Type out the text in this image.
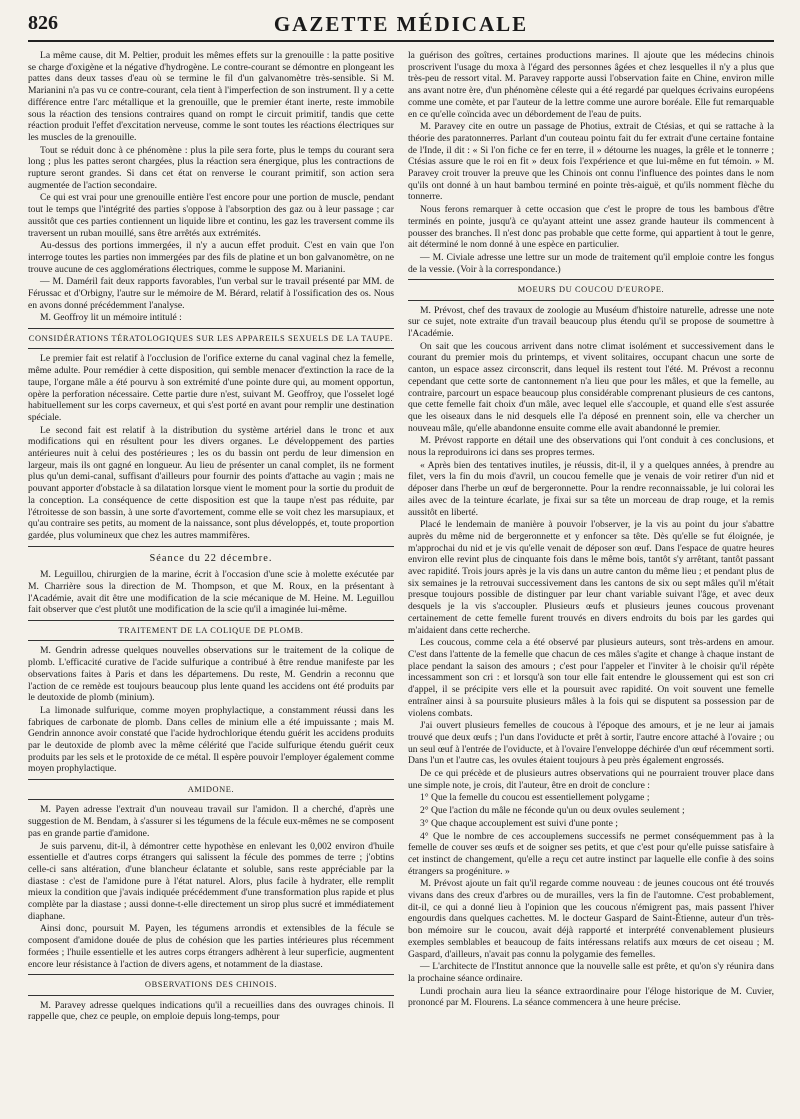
826	GAZETTE MÉDICALE

La même cause, dit M. Peltier, produit les mêmes effets sur la grenouille : la patte positive se charge d'oxigène et la négative d'hydrogène. Le contre-courant se démontre en plongeant les pattes dans deux tasses d'eau où se termine le fil d'un galvanomètre très-sensible. Si M. Marianini n'a pas vu ce contre-courant, cela tient à l'imperfection de son instrument. Il y a cette différence entre l'arc métallique et la grenouille, que le premier étant inerte, reste immobile sous la réaction des tensions contraires quand on rompt le circuit primitif, tandis que cette réaction produit l'effet d'excitation nerveuse, comme le sont toutes les réactions électriques sur les muscles de la grenouille.

Tout se réduit donc à ce phénomène : plus la pile sera forte, plus le temps du courant sera long ; plus les pattes seront chargées, plus la réaction sera énergique, plus les contractions de rupture seront grandes. Si dans cet état on renverse le courant primitif, son action sera augmentée de l'action secondaire.

Ce qui est vrai pour une grenouille entière l'est encore pour une portion de muscle, pendant tout le temps que l'intégrité des parties s'oppose à l'absorption des gaz ou à leur passage ; car aussitôt que ces parties contiennent un liquide libre et continu, les gaz les traversent comme ils traversent un ruban mouillé, sans être arrêtés aux extrémités.

Au-dessus des portions immergées, il n'y a aucun effet produit. C'est en vain que l'on interroge toutes les parties non immergées par des fils de platine et un bon galvanomètre, on ne trouve aucune de ces agglomérations électriques, comme le suppose M. Marianini.

— M. Daméril fait deux rapports favorables, l'un verbal sur le travail présenté par MM. de Férussac et d'Orbigny, l'autre sur le mémoire de M. Bérard, relatif à l'ossification des os. Nous en avons donné précédemment l'analyse.

M. Geoffroy lit un mémoire intitulé :

CONSIDÉRATIONS TÉRATOLOGIQUES SUR LES APPAREILS SEXUELS DE LA TAUPE.

Le premier fait est relatif à l'occlusion de l'orifice externe du canal vaginal chez la femelle, même adulte. Pour remédier à cette disposition, qui semble menacer d'extinction la race de la taupe, l'organe mâle a été pourvu à son extrémité d'une pointe dure qui, au moment opportun, opère la perforation nécessaire. Cette partie dure n'est, suivant M. Geoffroy, que l'osselet logé habituellement sur les corps caverneux, et qui s'est porté en avant pour remplir une destination spéciale.

Le second fait est relatif à la distribution du système artériel dans le tronc et aux modifications qui en résultent pour les divers organes. Le développement des parties antérieures nuit à celui des postérieures ; les os du bassin ont perdu de leur dimension en largeur, mais ils ont gagné en longueur. Au lieu de présenter un canal complet, ils ne forment plus qu'un demi-canal, suffisant d'ailleurs pour fournir des points d'attache au vagin ; mais ne pouvant apporter d'obstacle à sa dilatation lorsque vient le moment pour la sortie du produit de la conception. La conséquence de cette disposition est que la taupe n'est pas réduite, par l'étroitesse de son bassin, à une sorte d'avortement, comme elle se voit chez les marsupiaux, et qu'au contraire ses petits, au moment de la naissance, sont plus développés, et, toute proportion gardée, plus volumineux que chez les autres mammifères.

Séance du 22 décembre.

M. Leguillou, chirurgien de la marine, écrit à l'occasion d'une scie à molette exécutée par M. Charrière sous la direction de M. Thompson, et que M. Roux, en la présentant à l'Académie, avait dit être une modification de la scie mécanique de M. Heine. M. Leguillou fait observer que c'est plutôt une modification de la scie qu'il a imaginée lui-même.

TRAITEMENT DE LA COLIQUE DE PLOMB.

M. Gendrin adresse quelques nouvelles observations sur le traitement de la colique de plomb. L'efficacité curative de l'acide sulfurique a contribué à être rendue manifeste par les observations faites à Paris et dans les départemens. Du reste, M. Gendrin a reconnu que l'action de ce remède est toujours beaucoup plus lente quand les accidens ont été produits par le deutoxide de plomb (minium).

La limonade sulfurique, comme moyen prophylactique, a constamment réussi dans les fabriques de carbonate de plomb. Dans celles de minium elle a été impuissante ; mais M. Gendrin annonce avoir constaté que l'acide hydrochlorique étendu guérit les accidens produits par le deutoxide de plomb avec la même célérité que l'acide sulfurique étendu guérit ceux produits par les sels et le protoxide de ce métal. Il espère pouvoir l'employer également comme moyen prophylactique.

AMIDONE.

M. Payen adresse l'extrait d'un nouveau travail sur l'amidon. Il a cherché, d'après une suggestion de M. Bendam, à s'assurer si les tégumens de la fécule eux-mêmes ne se composent pas en grande partie d'amidone.

Je suis parvenu, dit-il, à démontrer cette hypothèse en enlevant les 0,002 environ d'huile essentielle et d'autres corps étrangers qui salissent la fécule des pommes de terre ; j'obtins celle-ci sans altération, d'une blancheur éclatante et soluble, sans reste appréciable par la diastase : c'est de l'amidone pure à l'état naturel. Alors, plus facile à hydrater, elle remplit mieux la condition que j'avais indiquée précédemment d'une transformation plus rapide et plus complète par la diastase ; aussi donne-t-elle directement un sirop plus sucré et immédiatement diaphane.

Ainsi donc, poursuit M. Payen, les tégumens arrondis et extensibles de la fécule se composent d'amidone douée de plus de cohésion que les parties intérieures plus récemment formées ; l'huile essentielle et les autres corps étrangers adhèrent à leur superficie, augmentent encore leur résistance à l'action de divers agens, et notamment de la diastase.

OBSERVATIONS DES CHINOIS.

M. Paravey adresse quelques indications qu'il a recueillies dans des ouvrages chinois. Il rappelle que, chez ce peuple, on emploie depuis long-temps, pour

la guérison des goîtres, certaines productions marines. Il ajoute que les médecins chinois proscrivent l'usage du moxa à l'égard des personnes âgées et chez lesquelles il n'y a plus que très-peu de ressort vital. M. Paravey rapporte aussi l'observation faite en Chine, environ mille ans avant notre ère, d'un phénomène céleste qui a été regardé par quelques écrivains européens comme une comète, et par l'auteur de la lettre comme une aurore boréale. Elle fut remarquable en ce qu'elle coïncida avec un débordement de l'eau de puits.

M. Paravey cite en outre un passage de Photius, extrait de Ctésias, et qui se rattache à la théorie des paratonnerres. Parlant d'un couteau pointu fait du fer extrait d'une certaine fontaine de l'Inde, il dit : « Si l'on fiche ce fer en terre, il » détourne les nuages, la grêle et le tonnerre ; Ctésias assure que le roi en fit » deux fois l'expérience et que lui-même en fut témoin. » M. Paravey croit trouver la preuve que les Chinois ont connu l'influence des pointes dans le nom qu'ils ont donné à un haut bambou terminé en pointe très-aiguë, et qu'ils nomment flèche du tonnerre.

Nous ferons remarquer à cette occasion que c'est le propre de tous les bambous d'être terminés en pointe, jusqu'à ce qu'ayant atteint une assez grande hauteur ils commencent à pousser des branches. Il n'est donc pas probable que cette forme, qui appartient à tout le genre, ait déterminé le nom donné à une espèce en particulier.

— M. Civiale adresse une lettre sur un mode de traitement qu'il emploie contre les fongus de la vessie. (Voir à la correspondance.)

MOEURS DU COUCOU D'EUROPE.

M. Prévost, chef des travaux de zoologie au Muséum d'histoire naturelle, adresse une note sur ce sujet, note extraite d'un travail beaucoup plus étendu qu'il se propose de soumettre à l'Académie.

On sait que les coucous arrivent dans notre climat isolément et successivement dans le courant du premier mois du printemps, et vivent solitaires, occupant chacun une sorte de canton, un espace assez circonscrit, dans lequel ils restent tout l'été. M. Prévost a reconnu cependant que cette sorte de cantonnement n'a lieu que pour les mâles, et que la femelle, au contraire, parcourt un espace beaucoup plus considérable comprenant plusieurs de ces cantons, que cette femelle fait choix d'un mâle, avec lequel elle s'accouple, et quand elle s'est assurée que les oiseaux dans le nid desquels elle l'a déposé en prennent soin, elle va chercher un nouveau mâle, qu'elle abandonne ensuite comme elle avait abandonné le premier.

M. Prévost rapporte en détail une des observations qui l'ont conduit à ces conclusions, et nous la reproduirons ici dans ses propres termes.

« Après bien des tentatives inutiles, je réussis, dit-il, il y a quelques années, à prendre au filet, vers la fin du mois d'avril, un coucou femelle que je venais de voir retirer d'un nid et déposer dans l'herbe un œuf de bergeronnette. Pour la rendre reconnaissable, je lui colorai les ailes avec de la teinture écarlate, je fixai sur sa tête un morceau de drap rouge, et la remis aussitôt en liberté.

Placé le lendemain de manière à pouvoir l'observer, je la vis au point du jour s'abattre auprès du même nid de bergeronnette et y enfoncer sa tête. Dès qu'elle se fut éloignée, je m'approchai du nid et je vis qu'elle venait de déposer son œuf. Dans l'espace de quatre heures environ elle revint plus de cinquante fois dans le même bois, tantôt s'y arrêtant, tantôt passant avec rapidité. Trois jours après je la vis dans un autre canton du même lieu ; et pendant plus de six semaines je la retrouvai successivement dans les cantons de six ou sept mâles qu'il m'était presque toujours possible de distinguer par leur chant variable suivant l'âge, et avec deux desquels je la vis s'accoupler. Plusieurs œufs et plusieurs jeunes coucous provenant certainement de cette femelle furent trouvés en divers endroits du bois par les gardes qui m'aidaient dans cette recherche.

Les coucous, comme cela a été observé par plusieurs auteurs, sont très-ardens en amour. C'est dans l'attente de la femelle que chacun de ces mâles s'agite et change à chaque instant de place pendant la saison des amours ; c'est pour l'appeler et l'inviter à le choisir qu'il répète incessamment son cri : et lorsqu'à son tour elle fait entendre le gloussement qui est son cri d'appel, il se précipite vers elle et la poursuit avec rapidité. On voit souvent une femelle entraîner ainsi à sa poursuite plusieurs mâles à la fois qui se disputent sa possession par de violens combats.

J'ai ouvert plusieurs femelles de coucous à l'époque des amours, et je ne leur ai jamais trouvé que deux œufs ; l'un dans l'oviducte et prêt à sortir, l'autre encore attaché à l'ovaire ; ou un seul œuf à l'entrée de l'oviducte, et à l'ovaire l'enveloppe déchirée d'un œuf récemment sorti. Dans l'un et l'autre cas, les ovules étaient toujours à peu près également engrossés.

De ce qui précède et de plusieurs autres observations qui ne pourraient trouver place dans une simple note, je crois, dit l'auteur, être en droit de conclure :

1° Que la femelle du coucou est essentiellement polygame ;

2° Que l'action du mâle ne féconde qu'un ou deux ovules seulement ;

3° Que chaque accouplement est suivi d'une ponte ;

4° Que le nombre de ces accouplemens successifs ne permet conséquemment pas à la femelle de couver ses œufs et de soigner ses petits, et que c'est pour qu'elle puisse satisfaire à cet instinct de changement, qu'elle a reçu cet autre instinct par laquelle elle confie à des soins étrangers sa progéniture. »

M. Prévost ajoute un fait qu'il regarde comme nouveau : de jeunes coucous ont été trouvés vivans dans des creux d'arbres ou de murailles, vers la fin de l'automne. C'est probablement, dit-il, ce qui a donné lieu à l'opinion que les coucous n'émigrent pas, mais passent l'hiver engourdis dans quelques cachettes. M. le docteur Gaspard de Saint-Étienne, auteur d'un très-bon mémoire sur le coucou, avait déjà rapporté et interprété convenablement plusieurs exemples semblables et beaucoup de faits intéressans relatifs aux mœurs de cet oiseau ; M. Gaspard, d'ailleurs, n'avait pas connu la polygamie des femelles.

— L'architecte de l'Institut annonce que la nouvelle salle est prête, et qu'on s'y réunira dans la prochaine séance ordinaire.

Lundi prochain aura lieu la séance extraordinaire pour l'éloge historique de M. Cuvier, prononcé par M. Flourens. La séance commencera à une heure précise.
